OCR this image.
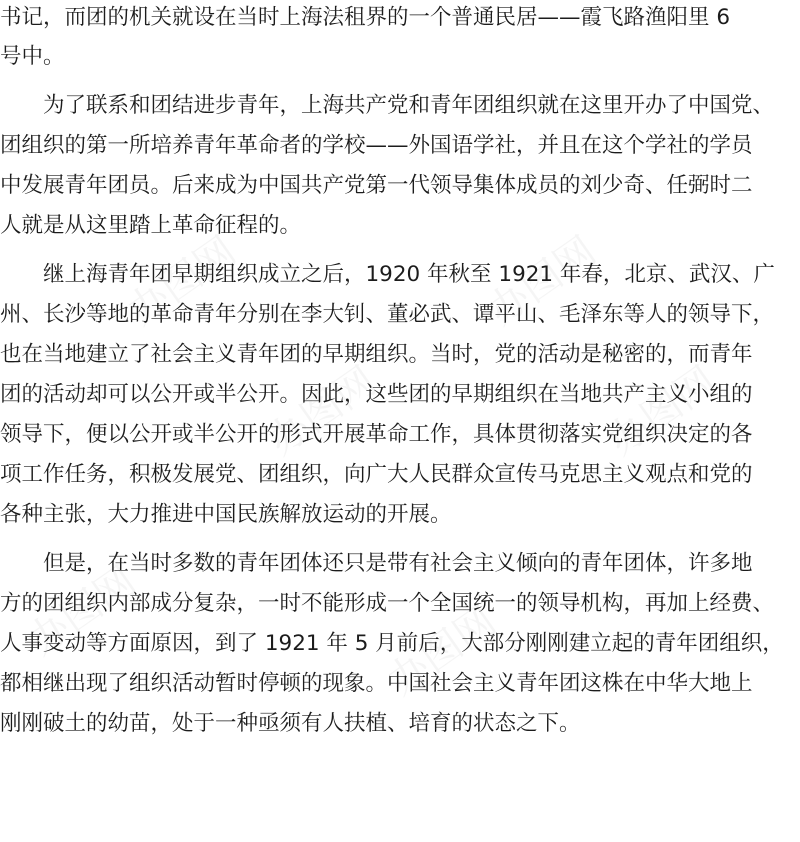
办图网	办图网
办图网	办图网
办图网	办图网
书记，而团的机关就设在当时上海法租界的一个普通民居——霞飞路渔阳里 6
号中。
　　为了联系和团结进步青年，上海共产党和青年团组织就在这里开办了中国党、
团组织的第一所培养青年革命者的学校——外国语学社，并且在这个学社的学员
中发展青年团员。后来成为中国共产党第一代领导集体成员的刘少奇、任弼时二
人就是从这里踏上革命征程的。
　　继上海青年团早期组织成立之后，1920 年秋至 1921 年春，北京、武汉、广
州、长沙等地的革命青年分别在李大钊、董必武、谭平山、毛泽东等人的领导下，
也在当地建立了社会主义青年团的早期组织。当时，党的活动是秘密的，而青年
团的活动却可以公开或半公开。因此，这些团的早期组织在当地共产主义小组的
领导下，便以公开或半公开的形式开展革命工作，具体贯彻落实党组织决定的各
项工作任务，积极发展党、团组织，向广大人民群众宣传马克思主义观点和党的
各种主张，大力推进中国民族解放运动的开展。
　　但是，在当时多数的青年团体还只是带有社会主义倾向的青年团体，许多地
方的团组织内部成分复杂，一时不能形成一个全国统一的领导机构，再加上经费、
人事变动等方面原因，到了 1921 年 5 月前后，大部分刚刚建立起的青年团组织，
都相继出现了组织活动暂时停顿的现象。中国社会主义青年团这株在中华大地上
刚刚破土的幼苗，处于一种亟须有人扶植、培育的状态之下。
